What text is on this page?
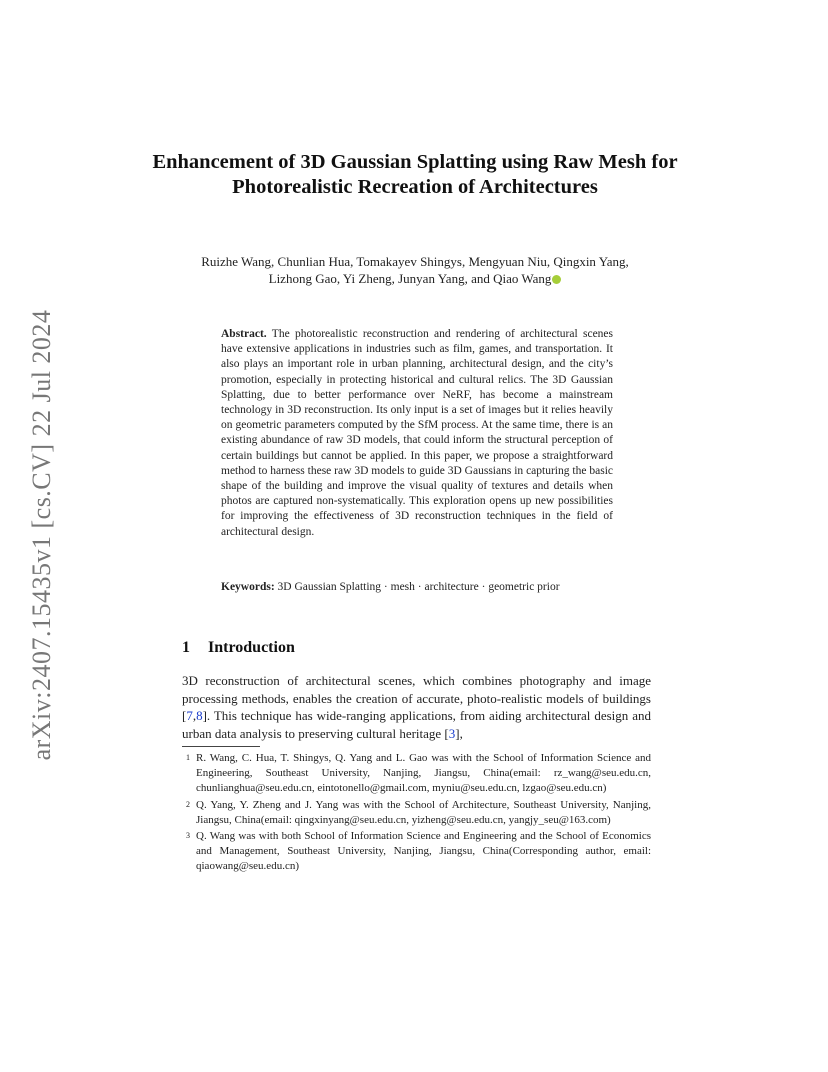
arXiv:2407.15435v1 [cs.CV] 22 Jul 2024
Enhancement of 3D Gaussian Splatting using Raw Mesh for Photorealistic Recreation of Architectures
Ruizhe Wang, Chunlian Hua, Tomakayev Shingys, Mengyuan Niu, Qingxin Yang, Lizhong Gao, Yi Zheng, Junyan Yang, and Qiao Wang
Abstract. The photorealistic reconstruction and rendering of architectural scenes have extensive applications in industries such as film, games, and transportation. It also plays an important role in urban planning, architectural design, and the city’s promotion, especially in protecting historical and cultural relics. The 3D Gaussian Splatting, due to better performance over NeRF, has become a mainstream technology in 3D reconstruction. Its only input is a set of images but it relies heavily on geometric parameters computed by the SfM process. At the same time, there is an existing abundance of raw 3D models, that could inform the structural perception of certain buildings but cannot be applied. In this paper, we propose a straightforward method to harness these raw 3D models to guide 3D Gaussians in capturing the basic shape of the building and improve the visual quality of textures and details when photos are captured non-systematically. This exploration opens up new possibilities for improving the effectiveness of 3D reconstruction techniques in the field of architectural design.
Keywords: 3D Gaussian Splatting · mesh · architecture · geometric prior
1 Introduction
3D reconstruction of architectural scenes, which combines photography and image processing methods, enables the creation of accurate, photo-realistic models of buildings [7,8]. This technique has wide-ranging applications, from aiding architectural design and urban data analysis to preserving cultural heritage [3],
1 R. Wang, C. Hua, T. Shingys, Q. Yang and L. Gao was with the School of Information Science and Engineering, Southeast University, Nanjing, Jiangsu, China(email: rz_wang@seu.edu.cn, chunlianghua@seu.edu.cn, eintotonello@gmail.com, myniu@seu.edu.cn, lzgao@seu.edu.cn)
2 Q. Yang, Y. Zheng and J. Yang was with the School of Architecture, Southeast University, Nanjing, Jiangsu, China(email: qingxinyang@seu.edu.cn, yizheng@seu.edu.cn, yangjy_seu@163.com)
3 Q. Wang was with both School of Information Science and Engineering and the School of Economics and Management, Southeast University, Nanjing, Jiangsu, China(Corresponding author, email: qiaowang@seu.edu.cn)
